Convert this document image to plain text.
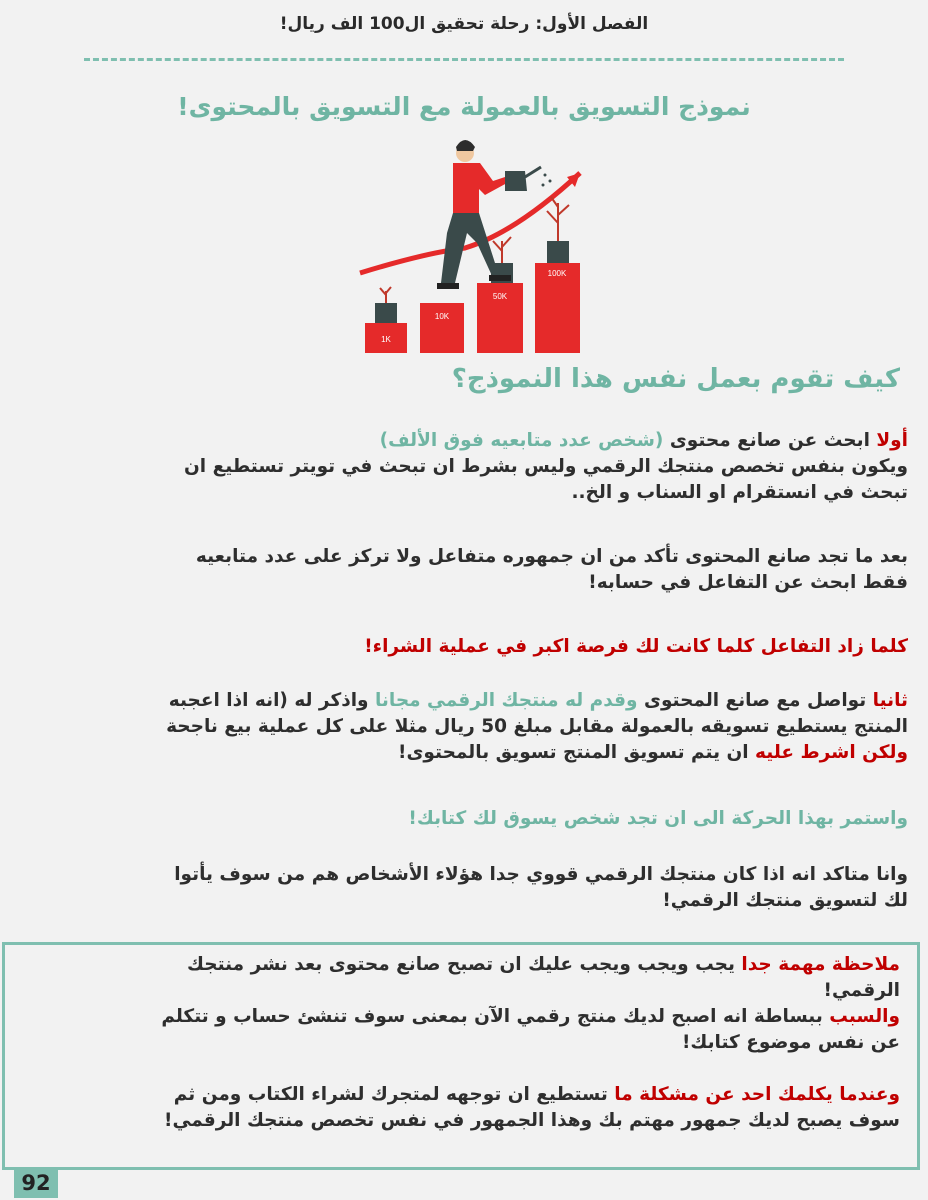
الفصل الأول: رحلة تحقيق ال100 الف ريال!
نموذج التسويق بالعمولة مع التسويق بالمحتوى!
1K
10K
50K
100K
كيف تقوم بعمل نفس هذا النموذج؟
أولا ابحث عن صانع محتوى (شخص عدد متابعيه فوق الألف)
ويكون بنفس تخصص منتجك الرقمي وليس بشرط ان تبحث في تويتر تستطيع ان
تبحث في انستقرام او السناب و الخ..
بعد ما تجد صانع المحتوى تأكد من ان جمهوره متفاعل ولا تركز على عدد متابعيه
فقط ابحث عن التفاعل في حسابه!
كلما زاد التفاعل كلما كانت لك فرصة اكبر في عملية الشراء!
ثانيا تواصل مع صانع المحتوى وقدم له منتجك الرقمي مجانا واذكر له (انه اذا اعجبه
المنتج يستطيع تسويقه بالعمولة مقابل مبلغ 50 ريال مثلا على كل عملية بيع ناجحة
ولكن اشرط عليه ان يتم تسويق المنتج تسويق بالمحتوى!
واستمر بهذا الحركة الى ان تجد شخص يسوق لك كتابك!
وانا متاكد انه اذا كان منتجك الرقمي قووي جدا هؤلاء الأشخاص هم من سوف يأتوا
لك لتسويق منتجك الرقمي!
ملاحظة مهمة جدا يجب ويجب ويجب عليك ان تصبح صانع محتوى بعد نشر منتجك
الرقمي!
والسبب ببساطة انه اصبح لديك منتج رقمي الآن بمعنى سوف تنشئ حساب و تتكلم
عن نفس موضوع كتابك!
وعندما يكلمك احد عن مشكلة ما تستطيع ان توجهه لمتجرك لشراء الكتاب ومن ثم
سوف يصبح لديك جمهور مهتم بك وهذا الجمهور في نفس تخصص منتجك الرقمي!
92
